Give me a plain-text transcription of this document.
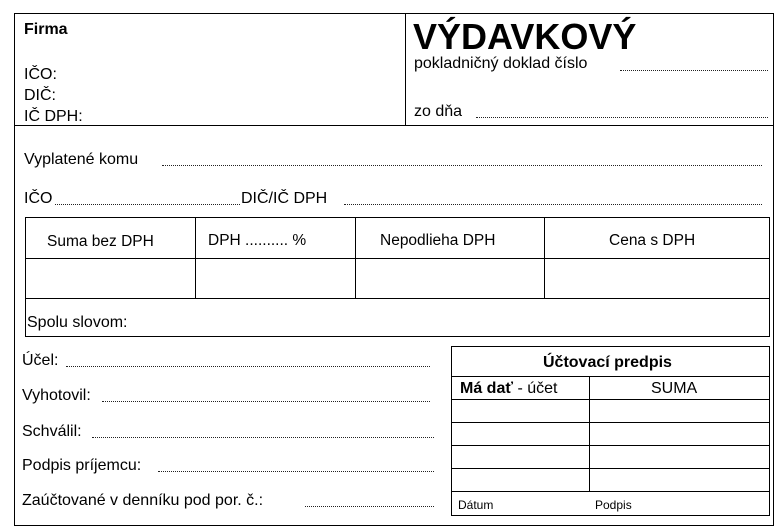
Firma
IČO:
DIČ:
IČ DPH:
VÝDAVKOVÝ
pokladničný doklad číslo
zo dňa
Vyplatené komu
IČO	DIČ/IČ DPH
Suma bez DPH	DPH .......... %	Nepodlieha DPH	Cena s DPH
Spolu slovom:
Účel:
Vyhotovil:
Schválil:
Podpis príjemcu:
Zaúčtované v denníku pod por. č.:
Účtovací predpis
Má dať - účet	SUMA
Dátum	Podpis
